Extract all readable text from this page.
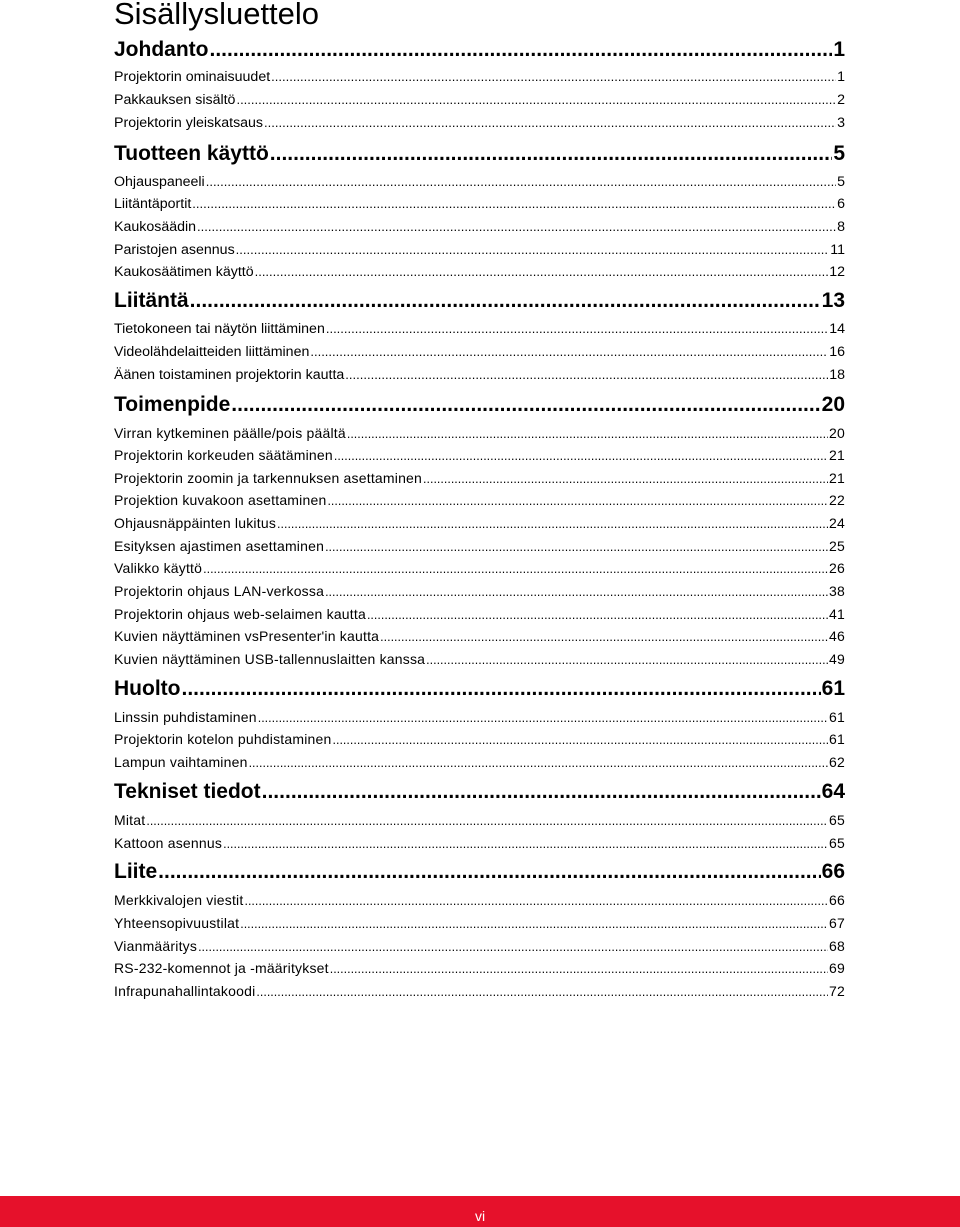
Sisällysluettelo
Johdanto .....	1
Projektorin ominaisuudet .....	1
Pakkauksen sisältö .....	2
Projektorin yleiskatsaus .....	3
Tuotteen käyttö .....	5
Ohjauspaneeli .....	5
Liitäntäportit .....	6
Kaukosäädin .....	8
Paristojen asennus .....	11
Kaukosäätimen käyttö .....	12
Liitäntä .....	13
Tietokoneen tai näytön liittäminen .....	14
Videolähdelaitteiden liittäminen .....	16
Äänen toistaminen projektorin kautta .....	18
Toimenpide .....	20
Virran kytkeminen päälle/pois päältä .....	20
Projektorin korkeuden säätäminen .....	21
Projektorin zoomin ja tarkennuksen asettaminen .....	21
Projektion kuvakoon asettaminen .....	22
Ohjausnäppäinten lukitus .....	24
Esityksen ajastimen asettaminen .....	25
Valikko käyttö .....	26
Projektorin ohjaus LAN-verkossa .....	38
Projektorin ohjaus web-selaimen kautta .....	41
Kuvien näyttäminen vsPresenter'in kautta .....	46
Kuvien näyttäminen USB-tallennuslaitten kanssa .....	49
Huolto .....	61
Linssin puhdistaminen .....	61
Projektorin kotelon puhdistaminen .....	61
Lampun vaihtaminen .....	62
Tekniset tiedot .....	64
Mitat .....	65
Kattoon asennus .....	65
Liite .....	66
Merkkivalojen viestit .....	66
Yhteensopivuustilat .....	67
Vianmääritys .....	68
RS-232-komennot ja -määritykset .....	69
Infrapunahallintakoodi .....	72
vi
